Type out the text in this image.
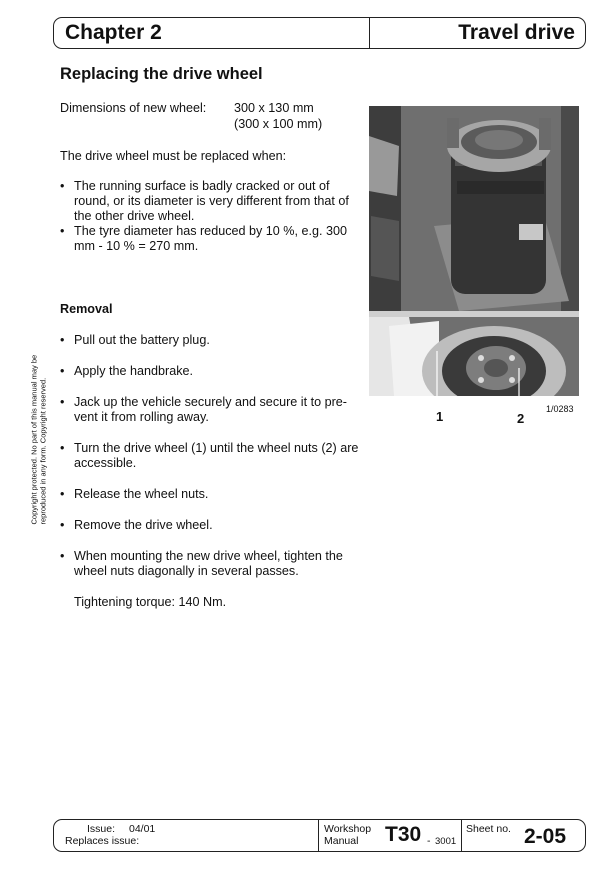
Chapter 2	Travel drive
Replacing the drive wheel
Dimensions of new wheel: 300 x 130 mm
(300 x 100 mm)
The drive wheel must be replaced when:
• The running surface is badly cracked or out of round, or its diameter is very different from that of the other drive wheel.
• The tyre diameter has reduced by 10 %, e.g. 300 mm - 10 % = 270 mm.
Removal
• Pull out the battery plug.
• Apply the handbrake.
• Jack up the vehicle securely and secure it to pre-vent it from rolling away.
• Turn the drive wheel (1) until the wheel nuts (2) are accessible.
• Release the wheel nuts.
• Remove the drive wheel.
• When mounting the new drive wheel, tighten the wheel nuts diagonally in several passes.
Tightening torque: 140 Nm.
Copyright protected. No part of this manual may be reproduced in any form. Copyright reserved.	1	2
1/0283
Issue: 04/01
Replaces issue:
Workshop
Manual T30 - 3001
Sheet no. 2-05
